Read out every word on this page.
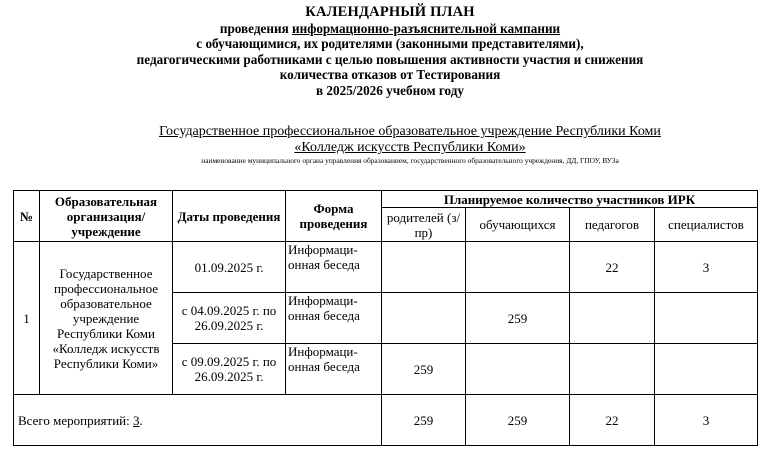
КАЛЕНДАРНЫЙ ПЛАН
проведения информационно-разъяснительной кампании
с обучающимися, их родителями (законными представителями),
педагогическими работниками с целью повышения активности участия и снижения
количества отказов от Тестирования
в 2025/2026 учебном году
Государственное профессиональное образовательное учреждение Республики Коми
«Колледж искусств Республики Коми»
наименование муниципального органа управления образованием, государственного образовательного учреждения, ДД, ГПОУ, ВУЗа
№	Образовательная организация/ учреждение	Даты проведения	Форма проведения	Планируемое количество участников ИРК			
				родителей (з/пр)	обучающихся	педагогов	специалистов
1	Государственное профессиональное образовательное учреждение Республики Коми «Колледж искусств Республики Коми»	01.09.2025 г.	Информаци-онная беседа			22	3
		с 04.09.2025 г. по 26.09.2025 г.	Информаци-онная беседа		259		
		с 09.09.2025 г. по 26.09.2025 г.	Информаци-онная беседа	259			
Всего мероприятий: 3.				259	259	22	3
